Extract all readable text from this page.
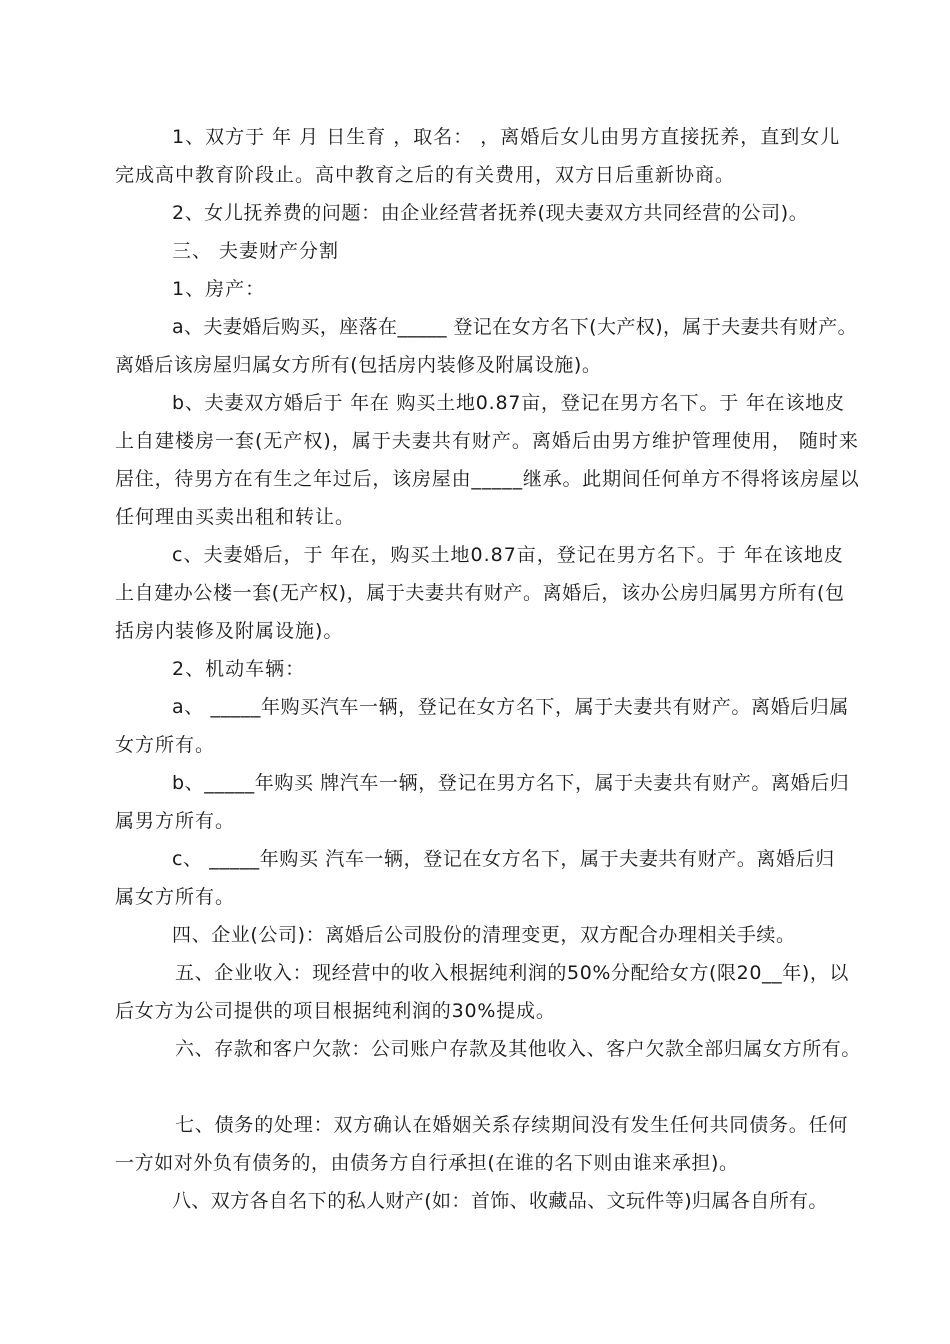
1、双方于 年 月 日生育 ，取名： ，离婚后女儿由男方直接抚养，直到女儿
完成高中教育阶段止。高中教育之后的有关费用，双方日后重新协商。
2、女儿抚养费的问题：由企业经营者抚养(现夫妻双方共同经营的公司)。
三、 夫妻财产分割
1、房产：
a、夫妻婚后购买，座落在_____ 登记在女方名下(大产权)，属于夫妻共有财产。
离婚后该房屋归属女方所有(包括房内装修及附属设施)。
b、夫妻双方婚后于 年在 购买土地0.87亩，登记在男方名下。于 年在该地皮
上自建楼房一套(无产权)，属于夫妻共有财产。离婚后由男方维护管理使用， 随时来
居住，待男方在有生之年过后，该房屋由_____继承。此期间任何单方不得将该房屋以
任何理由买卖出租和转让。
c、夫妻婚后，于 年在，购买土地0.87亩，登记在男方名下。于 年在该地皮
上自建办公楼一套(无产权)，属于夫妻共有财产。离婚后，该办公房归属男方所有(包
括房内装修及附属设施)。
2、机动车辆：
a、 _____年购买汽车一辆，登记在女方名下，属于夫妻共有财产。离婚后归属
女方所有。
b、_____年购买 牌汽车一辆，登记在男方名下，属于夫妻共有财产。离婚后归
属男方所有。
c、 _____年购买 汽车一辆，登记在女方名下，属于夫妻共有财产。离婚后归
属女方所有。
四、企业(公司)：离婚后公司股份的清理变更，双方配合办理相关手续。
五、企业收入：现经营中的收入根据纯利润的50%分配给女方(限20__年)，以
后女方为公司提供的项目根据纯利润的30%提成。
六、存款和客户欠款：公司账户存款及其他收入、客户欠款全部归属女方所有。
七、债务的处理：双方确认在婚姻关系存续期间没有发生任何共同债务。任何
一方如对外负有债务的，由债务方自行承担(在谁的名下则由谁来承担)。
八、双方各自名下的私人财产(如：首饰、收藏品、文玩件等)归属各自所有。
